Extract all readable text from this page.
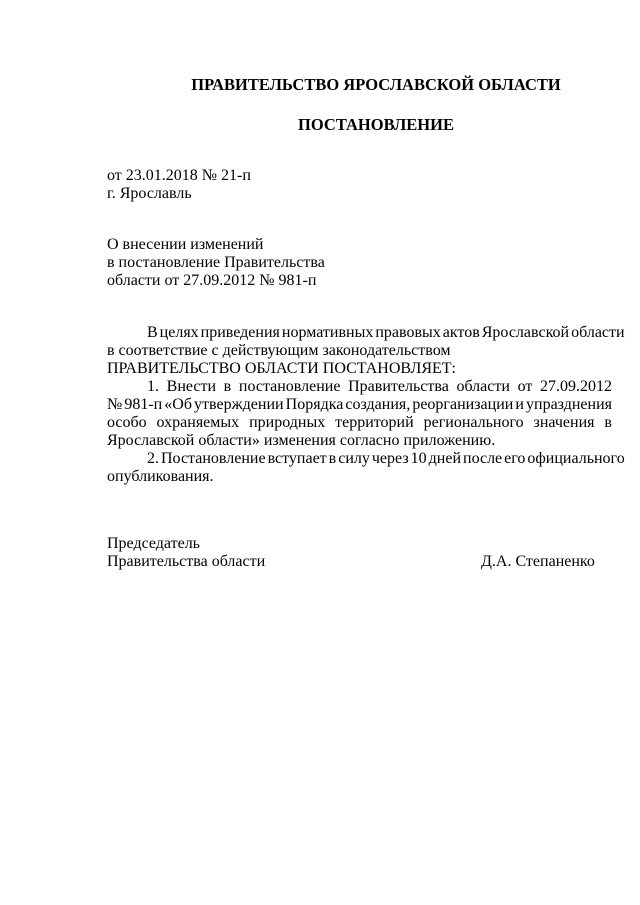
ПРАВИТЕЛЬСТВО ЯРОСЛАВСКОЙ ОБЛАСТИ
ПОСТАНОВЛЕНИЕ
от 23.01.2018 № 21-п
г. Ярославль
О внесении изменений
в постановление Правительства
области от 27.09.2012 № 981-п
В целях приведения нормативных правовых актов Ярославской области
в соответствие с действующим законодательством
ПРАВИТЕЛЬСТВО ОБЛАСТИ ПОСТАНОВЛЯЕТ:
1. Внести в постановление Правительства области от 27.09.2012
№ 981-п «Об утверждении Порядка создания, реорганизации и упразднения
особо охраняемых природных территорий регионального значения в
Ярославской области» изменения согласно приложению.
2. Постановление вступает в силу через 10 дней после его официального
опубликования.
Председатель
Правительства области	Д.А. Степаненко
